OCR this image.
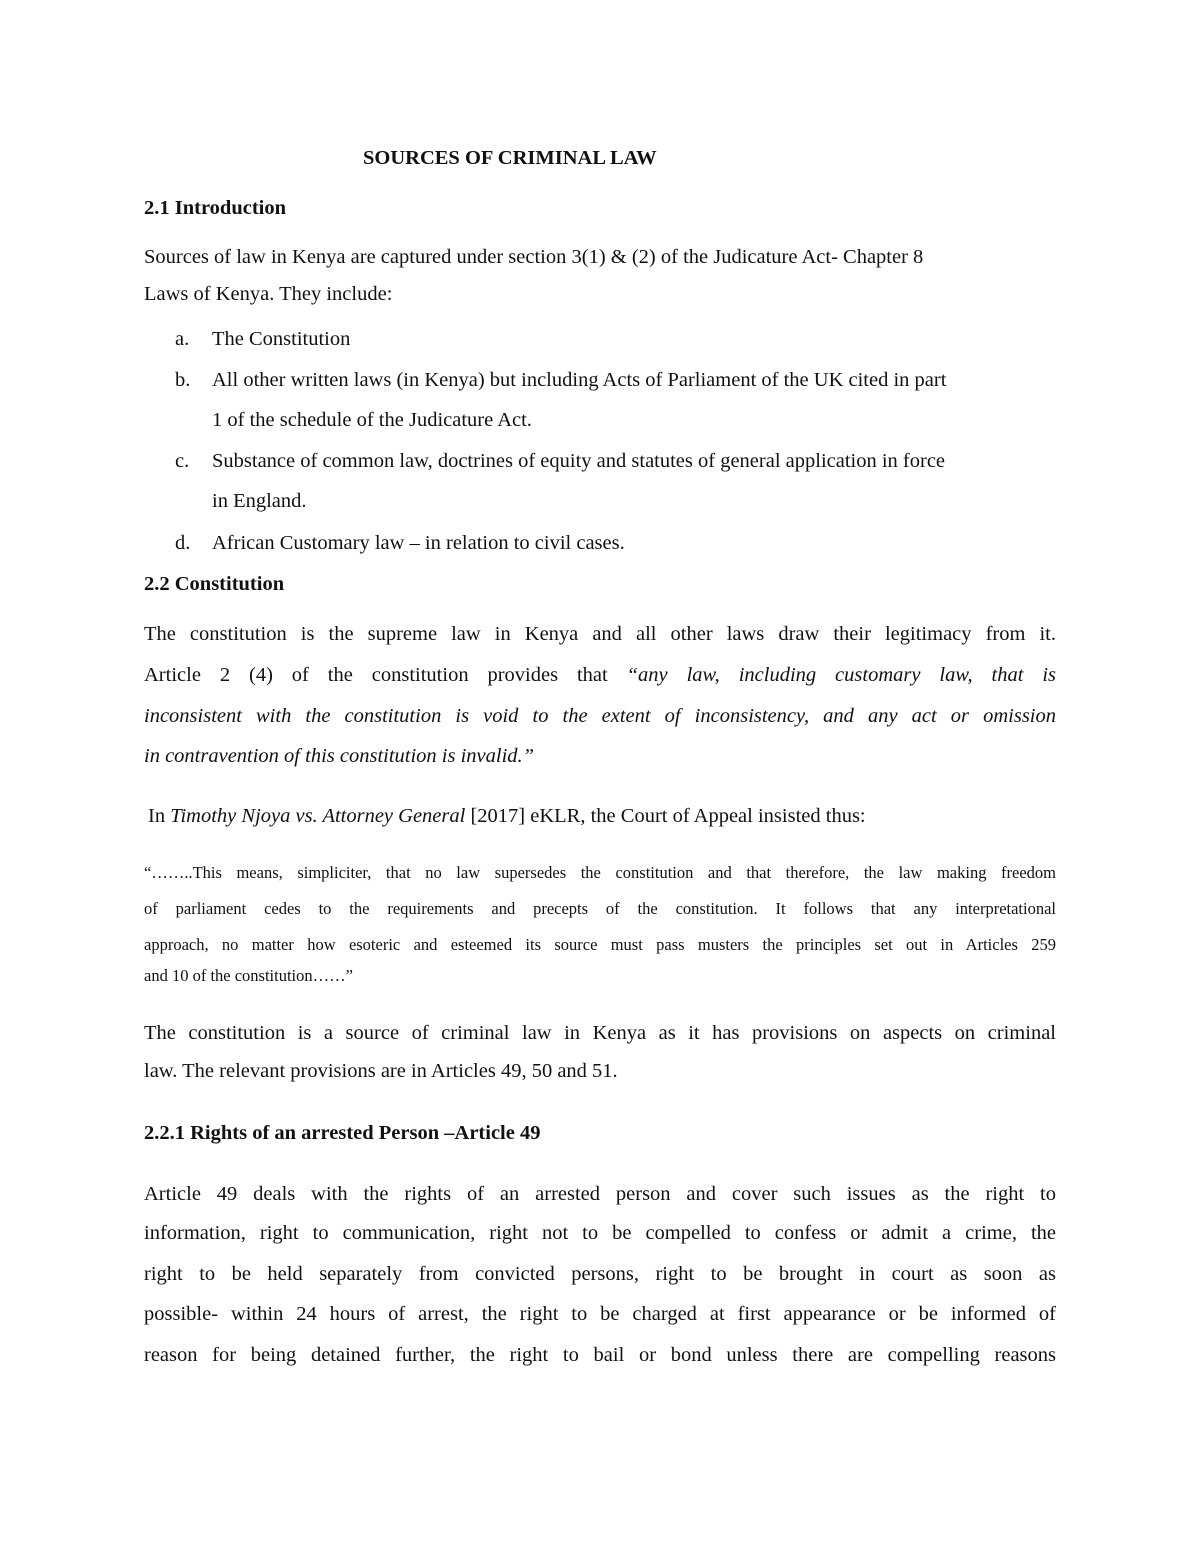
SOURCES OF CRIMINAL LAW
2.1 Introduction
Sources of law in Kenya are captured under section 3(1) & (2) of the Judicature Act- Chapter 8
Laws of Kenya. They include:
a. The Constitution
b. All other written laws (in Kenya) but including Acts of Parliament of the UK cited in part
1 of the schedule of the Judicature Act.
c. Substance of common law, doctrines of equity and statutes of general application in force
in England.
d. African Customary law – in relation to civil cases.
2.2 Constitution
The constitution is the supreme law in Kenya and all other laws draw their legitimacy from it.
Article 2 (4) of the constitution provides that “any law, including customary law, that is
inconsistent with the constitution is void to the extent of inconsistency, and any act or omission
in contravention of this constitution is invalid.”
In Timothy Njoya vs. Attorney General [2017] eKLR, the Court of Appeal insisted thus:
“……..This means, simpliciter, that no law supersedes the constitution and that therefore, the law making freedom
of parliament cedes to the requirements and precepts of the constitution. It follows that any interpretational
approach, no matter how esoteric and esteemed its source must pass musters the principles set out in Articles 259
and 10 of the constitution……”
The constitution is a source of criminal law in Kenya as it has provisions on aspects on criminal
law. The relevant provisions are in Articles 49, 50 and 51.
2.2.1 Rights of an arrested Person –Article 49
Article 49 deals with the rights of an arrested person and cover such issues as the right to
information, right to communication, right not to be compelled to confess or admit a crime, the
right to be held separately from convicted persons, right to be brought in court as soon as
possible- within 24 hours of arrest, the right to be charged at first appearance or be informed of
reason for being detained further, the right to bail or bond unless there are compelling reasons
